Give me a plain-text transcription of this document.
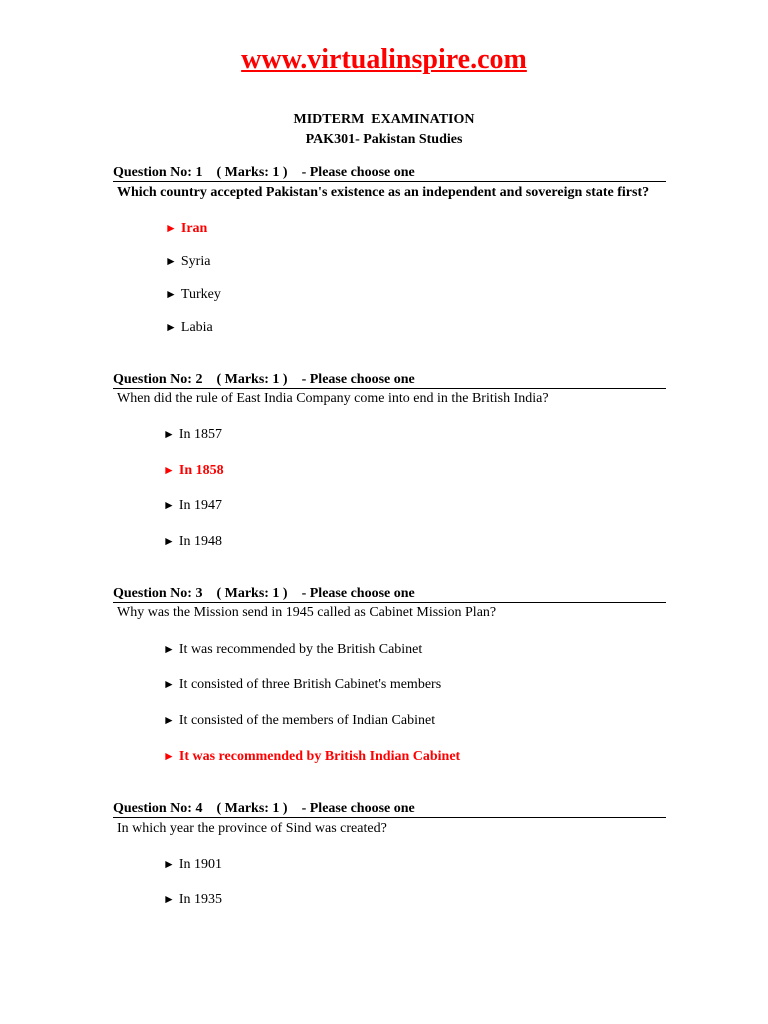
www.virtualinspire.com
MIDTERM  EXAMINATION
PAK301- Pakistan Studies
Question No: 1    ( Marks: 1 )    - Please choose one
Which country accepted Pakistan's existence as an independent and sovereign state first?
► Iran
► Syria
► Turkey
► Labia
Question No: 2    ( Marks: 1 )    - Please choose one
When did the rule of East India Company come into end in the British India?
► In 1857
► In 1858
► In 1947
► In 1948
Question No: 3    ( Marks: 1 )    - Please choose one
Why was the Mission send in 1945 called as Cabinet Mission Plan?
► It was recommended by the British Cabinet
► It consisted of three British Cabinet's members
► It consisted of the members of Indian Cabinet
► It was recommended by British Indian Cabinet
Question No: 4    ( Marks: 1 )    - Please choose one
In which year the province of Sind was created?
► In 1901
► In 1935
